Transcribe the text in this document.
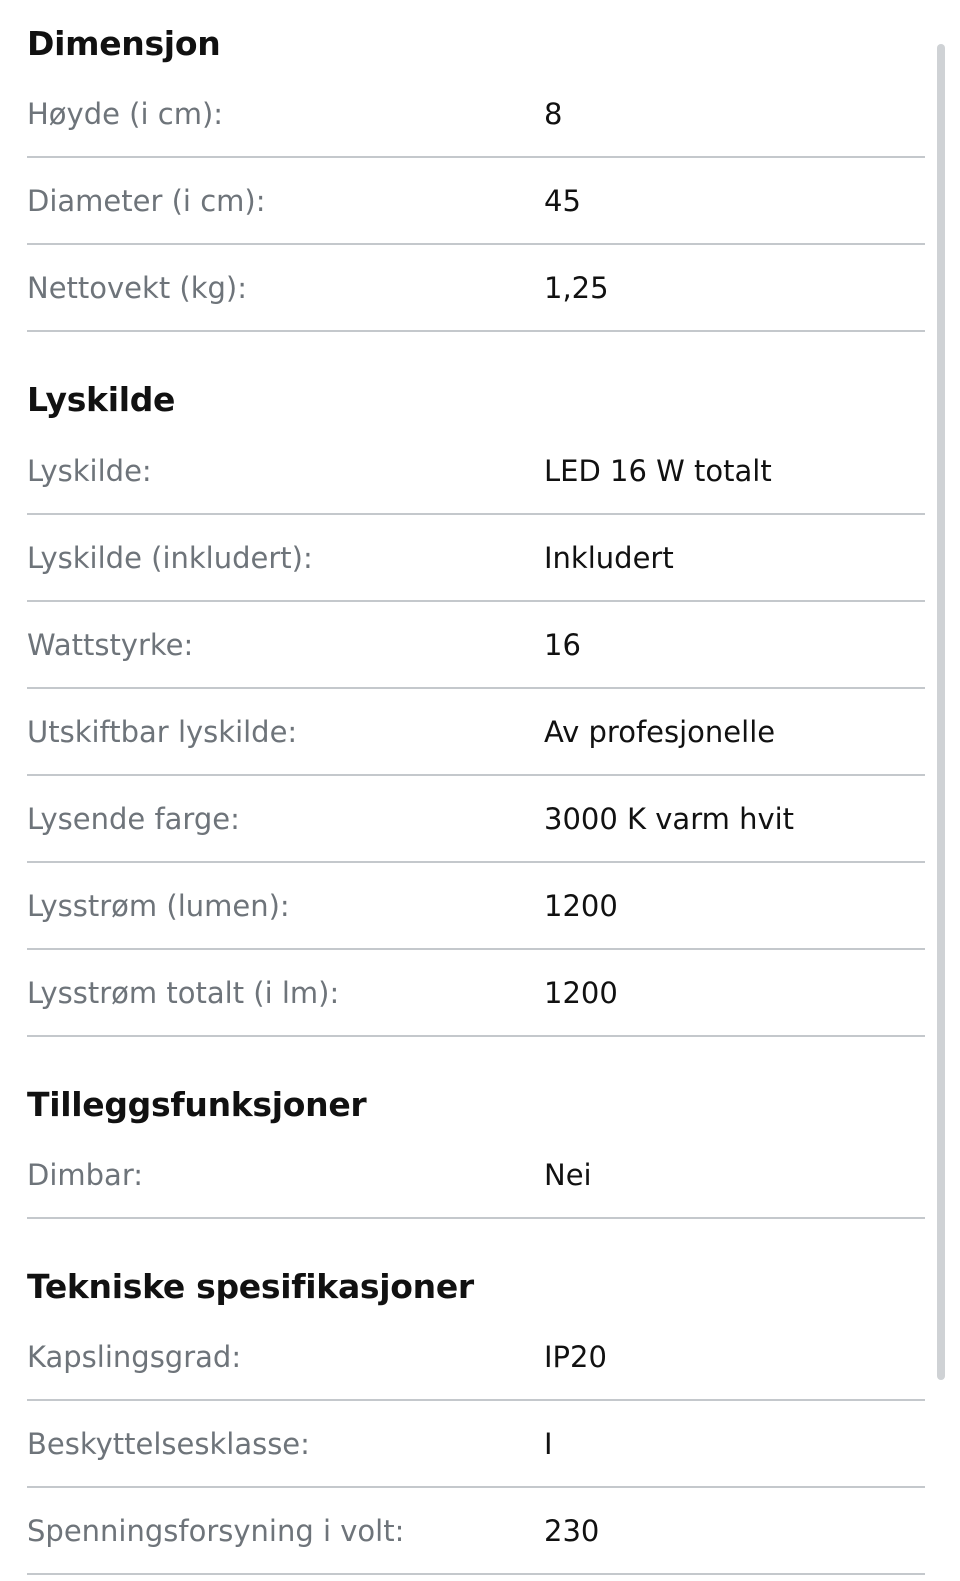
Dimensjon
Høyde (i cm):	8
Diameter (i cm):	45
Nettovekt (kg):	1,25
Lyskilde
Lyskilde:	LED 16 W totalt
Lyskilde (inkludert):	Inkludert
Wattstyrke:	16
Utskiftbar lyskilde:	Av profesjonelle
Lysende farge:	3000 K varm hvit
Lysstrøm (lumen):	1200
Lysstrøm totalt (i lm):	1200
Tilleggsfunksjoner
Dimbar:	Nei
Tekniske spesifikasjoner
Kapslingsgrad:	IP20
Beskyttelsesklasse:	I
Spenningsforsyning i volt:	230
